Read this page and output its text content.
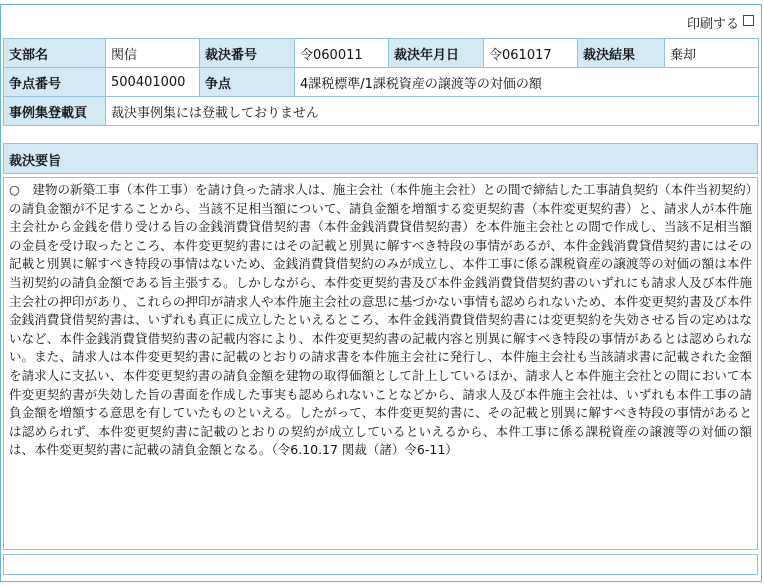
印刷する
支部名	関信	裁決番号	令060011	裁決年月日	令061017	裁決結果	棄却
争点番号	500401000	争点	4課税標準/1課税資産の譲渡等の対価の額				
事例集登載頁	裁決事例集には登載しておりません						
裁決要旨
○　建物の新築工事（本件工事）を請け負った請求人は、施主会社（本件施主会社）との間で締結した工事請負契約（本件当初契約）の請負金額が不足することから、当該不足相当額について、請負金額を増額する変更契約書（本件変更契約書）と、請求人が本件施主会社から金銭を借り受ける旨の金銭消費貸借契約書（本件金銭消費貸借契約書）を本件施主会社との間で作成し、当該不足相当額の金員を受け取ったところ、本件変更契約書にはその記載と別異に解すべき特段の事情があるが、本件金銭消費貸借契約書にはその記載と別異に解すべき特段の事情はないため、金銭消費貸借契約のみが成立し、本件工事に係る課税資産の譲渡等の対価の額は本件当初契約の請負金額である旨主張する。しかしながら、本件変更契約書及び本件金銭消費貸借契約書のいずれにも請求人及び本件施主会社の押印があり、これらの押印が請求人や本件施主会社の意思に基づかない事情も認められないため、本件変更契約書及び本件金銭消費貸借契約書は、いずれも真正に成立したといえるところ、本件金銭消費貸借契約書には変更契約を失効させる旨の定めはないなど、本件金銭消費貸借契約書の記載内容により、本件変更契約書の記載内容と別異に解すべき特段の事情があるとは認められない。また、請求人は本件変更契約書に記載のとおりの請求書を本件施主会社に発行し、本件施主会社も当該請求書に記載された金額を請求人に支払い、本件変更契約書の請負金額を建物の取得価額として計上しているほか、請求人と本件施主会社との間において本件変更契約書が失効した旨の書面を作成した事実も認められないことなどから、請求人及び本件施主会社は、いずれも本件工事の請負金額を増額する意思を有していたものといえる。したがって、本件変更契約書に、その記載と別異に解すべき特段の事情があるとは認められず、本件変更契約書に記載のとおりの契約が成立しているといえるから、本件工事に係る課税資産の譲渡等の対価の額は、本件変更契約書に記載の請負金額となる。（令6.10.17 関裁（諸）令6-11）
